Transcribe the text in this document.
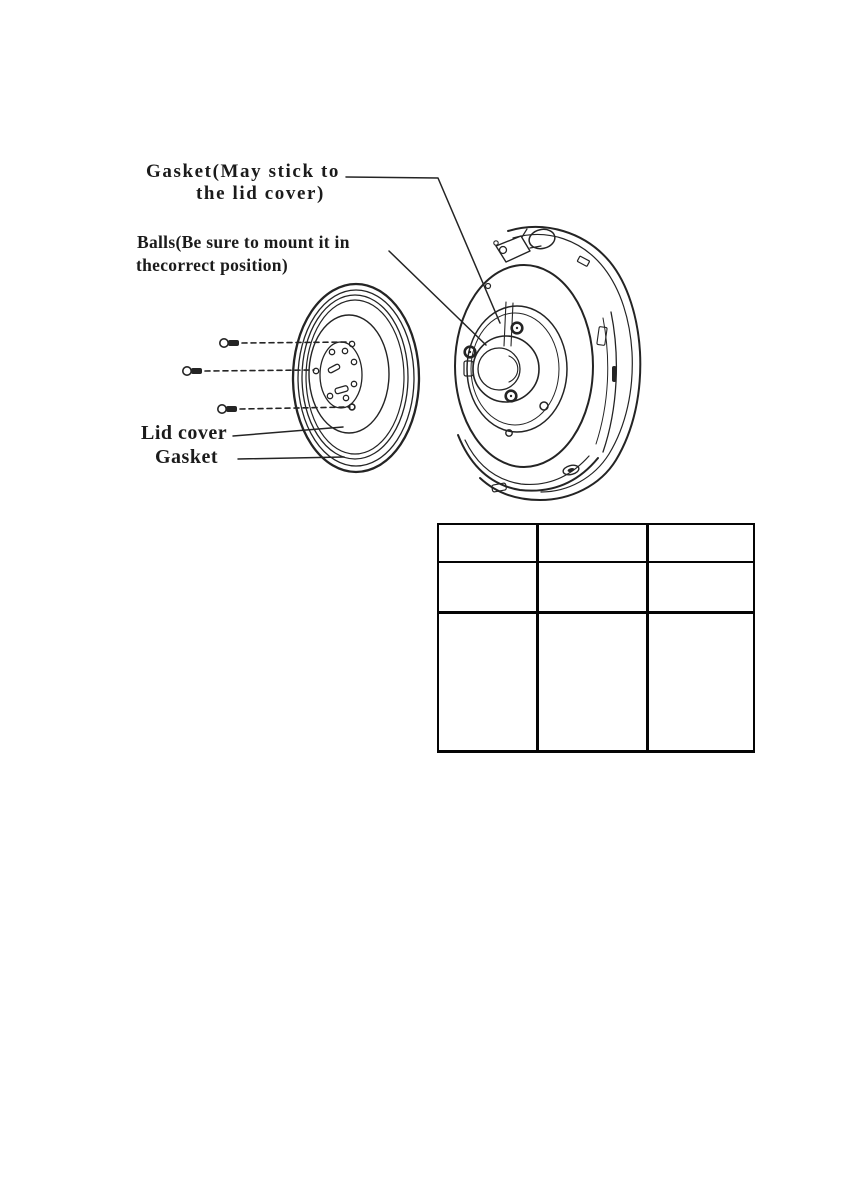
Gasket(May stick to
the lid cover)
Balls(Be sure to mount it in
thecorrect position)
Lid cover
Gasket
